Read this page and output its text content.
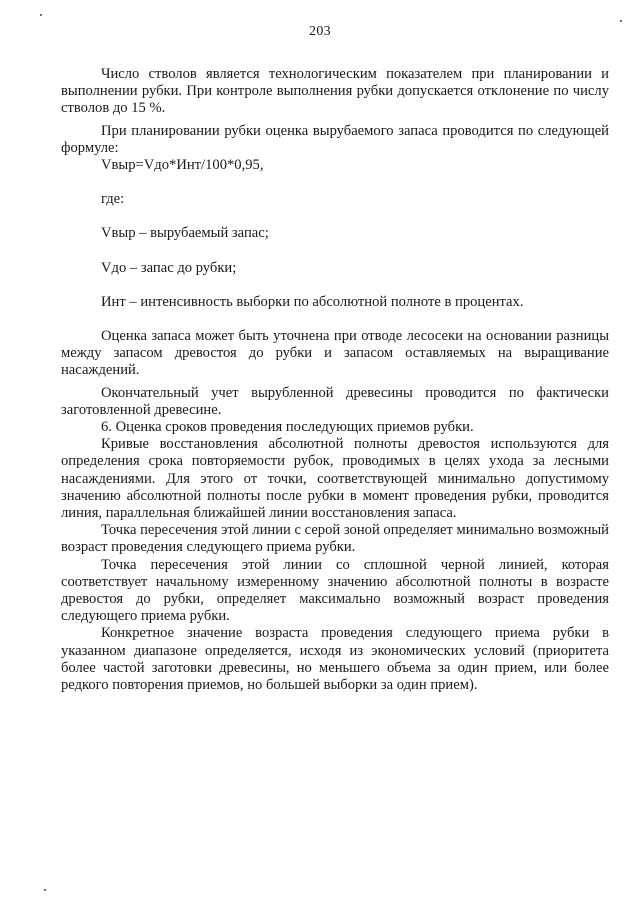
203

Число стволов является технологическим показателем при планировании и выполнении рубки. При контроле выполнения рубки допускается отклонение по числу стволов до 15 %.

При планировании рубки оценка вырубаемого запаса проводится по следующей формуле:

Vвыр=Vдо*Инт/100*0,95,

где:

Vвыр – вырубаемый запас;

Vдо – запас до рубки;

Инт – интенсивность выборки по абсолютной полноте в процентах.

Оценка запаса может быть уточнена при отводе лесосеки на основании разницы между запасом древостоя до рубки и запасом оставляемых на выращивание насаждений.

Окончательный учет вырубленной древесины проводится по фактически заготовленной древесине.

6. Оценка сроков проведения последующих приемов рубки.

Кривые восстановления абсолютной полноты древостоя используются для определения срока повторяемости рубок, проводимых в целях ухода за лесными насаждениями. Для этого от точки, соответствующей минимально допустимому значению абсолютной полноты после рубки в момент проведения рубки, проводится линия, параллельная ближайшей линии восстановления запаса.

Точка пересечения этой линии с серой зоной определяет минимально возможный возраст проведения следующего приема рубки.

Точка пересечения этой линии со сплошной черной линией, которая соответствует начальному измеренному значению абсолютной полноты в возрасте древостоя до рубки, определяет максимально возможный возраст проведения следующего приема рубки.

Конкретное значение возраста проведения следующего приема рубки в указанном диапазоне определяется, исходя из экономических условий (приоритета более частой заготовки древесины, но меньшего объема за один прием, или более редкого повторения приемов, но большей выборки за один прием).
